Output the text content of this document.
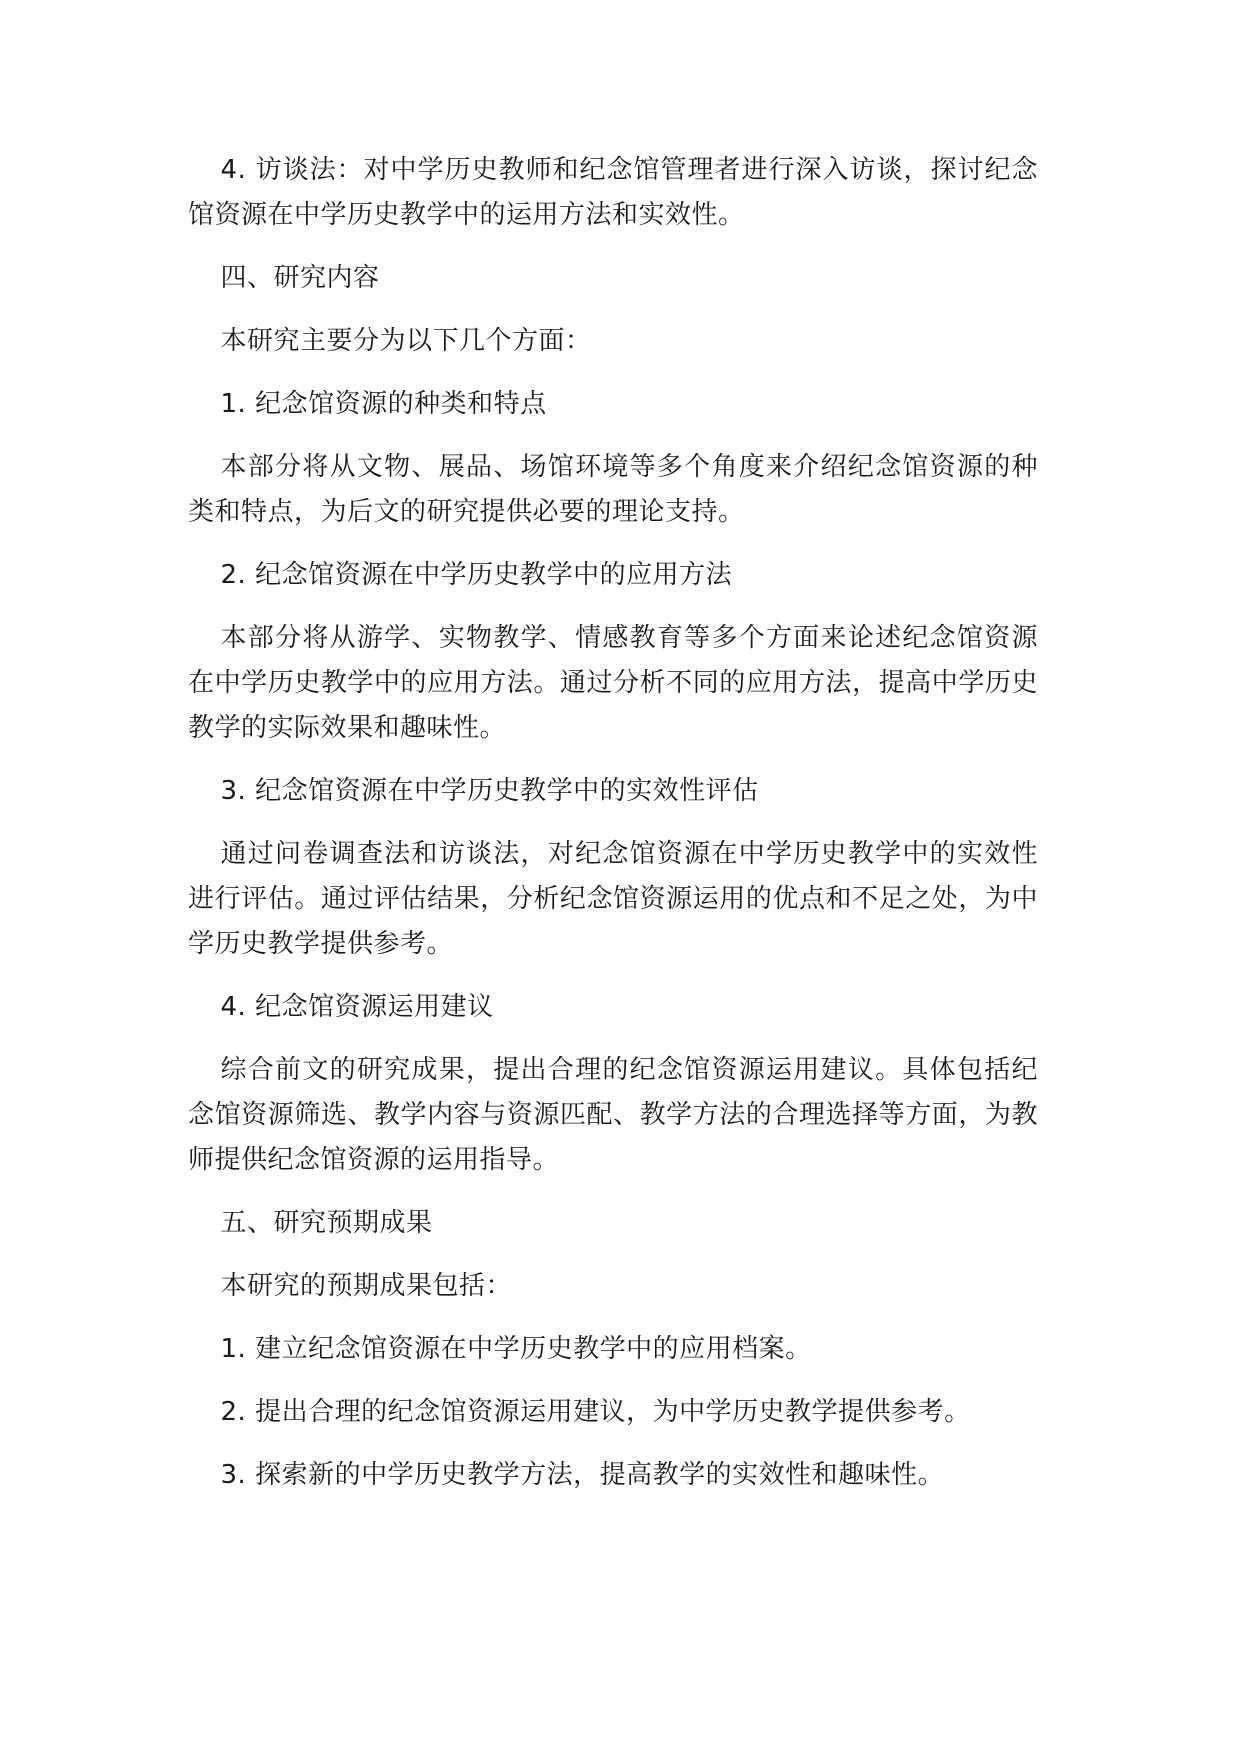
4. 访谈法：对中学历史教师和纪念馆管理者进行深入访谈，探讨纪念馆资源在中学历史教学中的运用方法和实效性。

四、研究内容

本研究主要分为以下几个方面：

1. 纪念馆资源的种类和特点

本部分将从文物、展品、场馆环境等多个角度来介绍纪念馆资源的种类和特点，为后文的研究提供必要的理论支持。

2. 纪念馆资源在中学历史教学中的应用方法

本部分将从游学、实物教学、情感教育等多个方面来论述纪念馆资源在中学历史教学中的应用方法。通过分析不同的应用方法，提高中学历史教学的实际效果和趣味性。

3. 纪念馆资源在中学历史教学中的实效性评估

通过问卷调查法和访谈法，对纪念馆资源在中学历史教学中的实效性进行评估。通过评估结果，分析纪念馆资源运用的优点和不足之处，为中学历史教学提供参考。

4. 纪念馆资源运用建议

综合前文的研究成果，提出合理的纪念馆资源运用建议。具体包括纪念馆资源筛选、教学内容与资源匹配、教学方法的合理选择等方面，为教师提供纪念馆资源的运用指导。

五、研究预期成果

本研究的预期成果包括：

1. 建立纪念馆资源在中学历史教学中的应用档案。

2. 提出合理的纪念馆资源运用建议，为中学历史教学提供参考。

3. 探索新的中学历史教学方法，提高教学的实效性和趣味性。
